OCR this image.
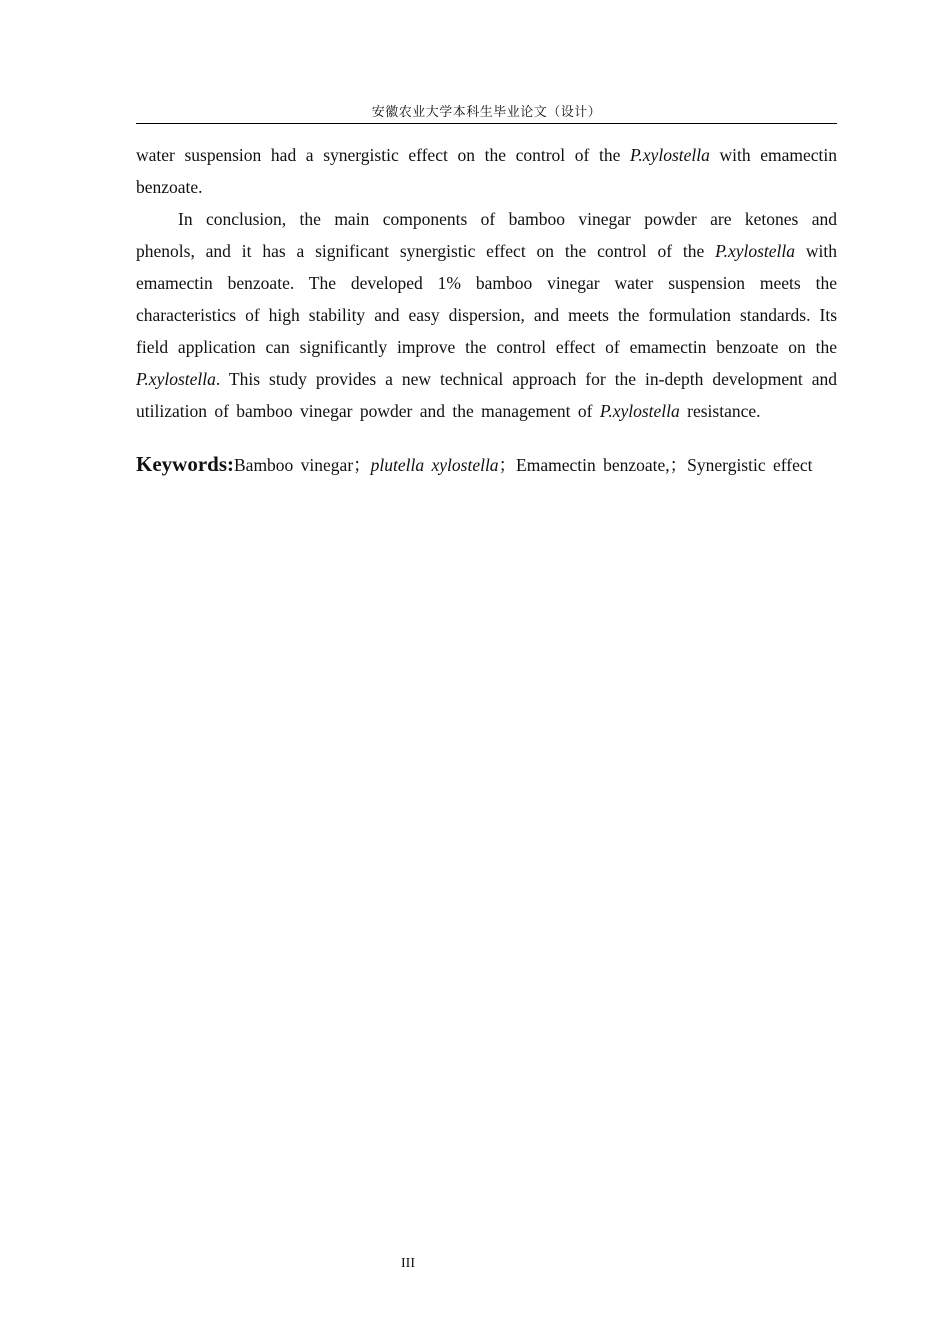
安徽农业大学本科生毕业论文（设计）

water suspension had a synergistic effect on the control of the P.xylostella with emamectin benzoate.

In conclusion, the main components of bamboo vinegar powder are ketones and phenols, and it has a significant synergistic effect on the control of the P.xylostella with emamectin benzoate. The developed 1% bamboo vinegar water suspension meets the characteristics of high stability and easy dispersion, and meets the formulation standards. Its field application can significantly improve the control effect of emamectin benzoate on the P.xylostella. This study provides a new technical approach for the in-depth development and utilization of bamboo vinegar powder and the management of P.xylostella resistance.

Keywords:Bamboo vinegar；plutella xylostella；Emamectin benzoate,；Synergistic effect

III
